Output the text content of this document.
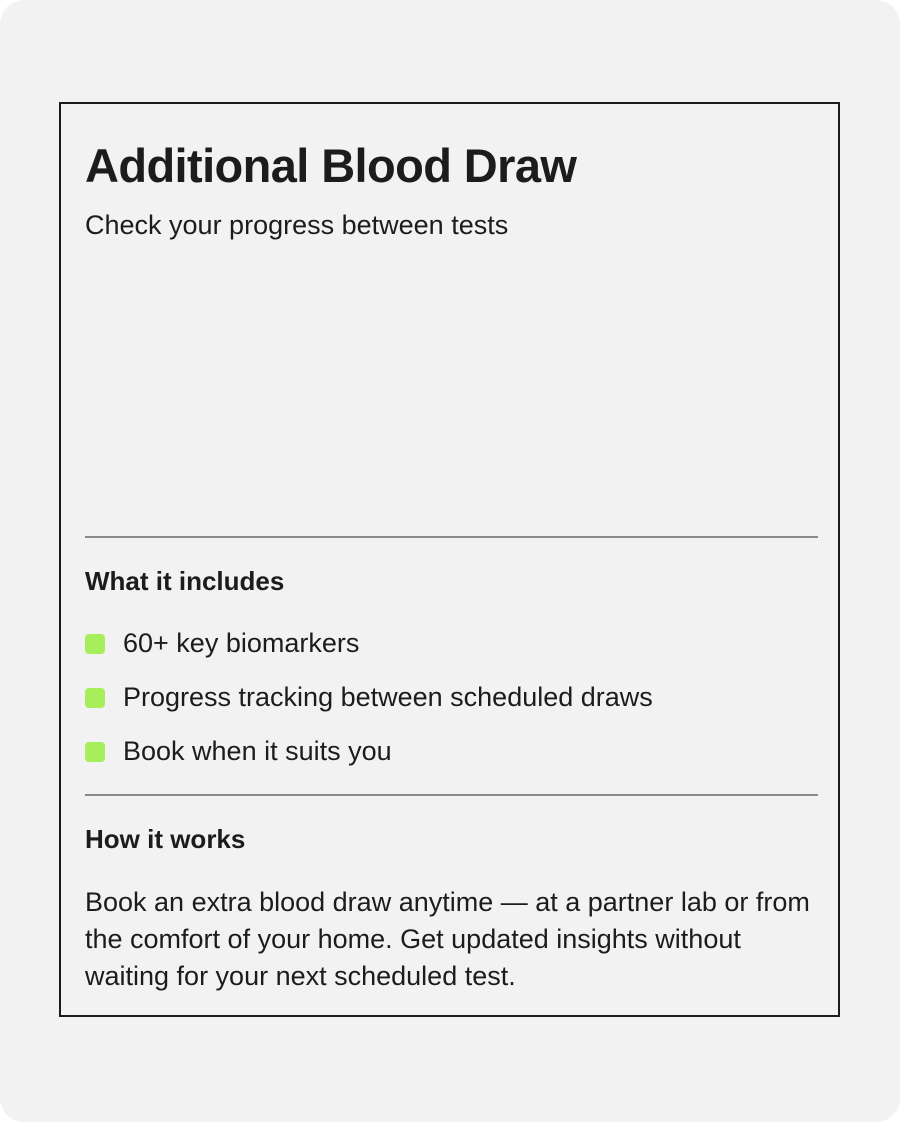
Additional Blood Draw

Check your progress between tests

What it includes
60+ key biomarkers
Progress tracking between scheduled draws
Book when it suits you
How it works

Book an extra blood draw anytime — at a partner lab or from the comfort of your home. Get updated insights without waiting for your next scheduled test.
